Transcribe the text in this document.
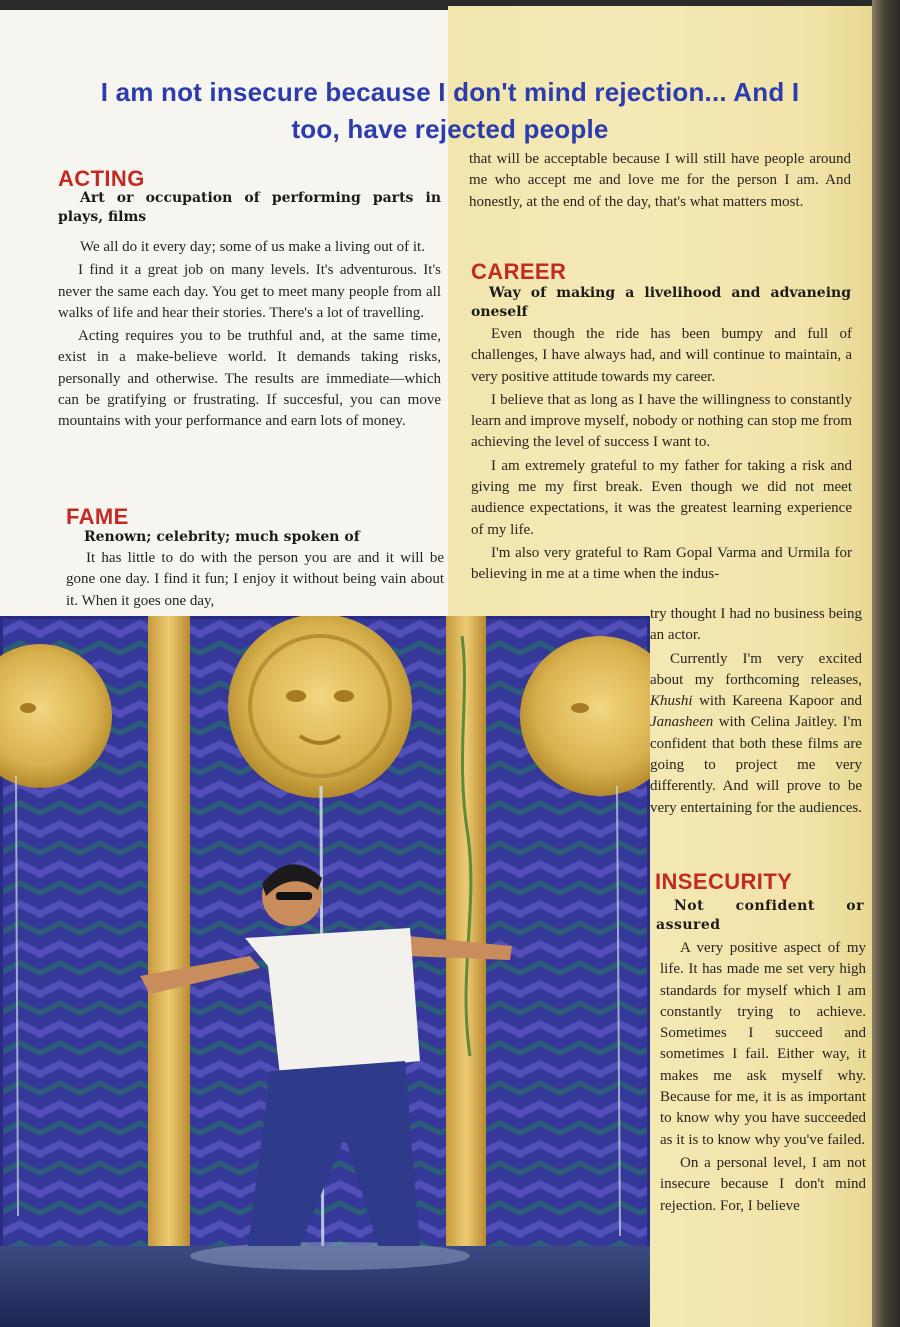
I am not insecure because I don't mind rejection... And I
too, have rejected people
ACTING
Art or occupation of performing parts in plays, films

We all do it every day; some of us make a living out of it.

I find it a great job on many levels. It's adventurous. It's never the same each day. You get to meet many people from all walks of life and hear their stories. There's a lot of travelling.

Acting requires you to be truthful and, at the same time, exist in a make-believe world. It demands taking risks, personally and otherwise. The results are immediate—which can be gratifying or frustrating. If succesful, you can move mountains with your performance and earn lots of money.

FAME
Renown; celebrity; much spoken of

It has little to do with the person you are and it will be gone one day. I find it fun; I enjoy it without being vain about it. When it goes one day,

that will be acceptable because I will still have people around me who accept me and love me for the person I am. And honestly, at the end of the day, that's what matters most.

CAREER
Way of making a livelihood and advaneing oneself

Even though the ride has been bumpy and full of challenges, I have always had, and will continue to maintain, a very positive attitude towards my career.

I believe that as long as I have the willingness to constantly learn and improve myself, nobody or nothing can stop me from achieving the level of success I want to.

I am extremely grateful to my father for taking a risk and giving me my first break. Even though we did not meet audience expectations, it was the greatest learning experience of my life.

I'm also very grateful to Ram Gopal Varma and Urmila for believing in me at a time when the indus-

try thought I had no business being an actor.

Currently I'm very excited about my forthcoming releases, Khushi with Kareena Kapoor and Janasheen with Celina Jaitley. I'm confident that both these films are going to project me very differently. And will prove to be very entertaining for the audiences.

INSECURITY
Not confident or assured

A very positive aspect of my life. It has made me set very high standards for myself which I am constantly trying to achieve. Sometimes I succeed and sometimes I fail. Either way, it makes me ask myself why. Because for me, it is as important to know why you have succeeded as it is to know why you've failed.

On a personal level, I am not insecure because I don't mind rejection. For, I believe
